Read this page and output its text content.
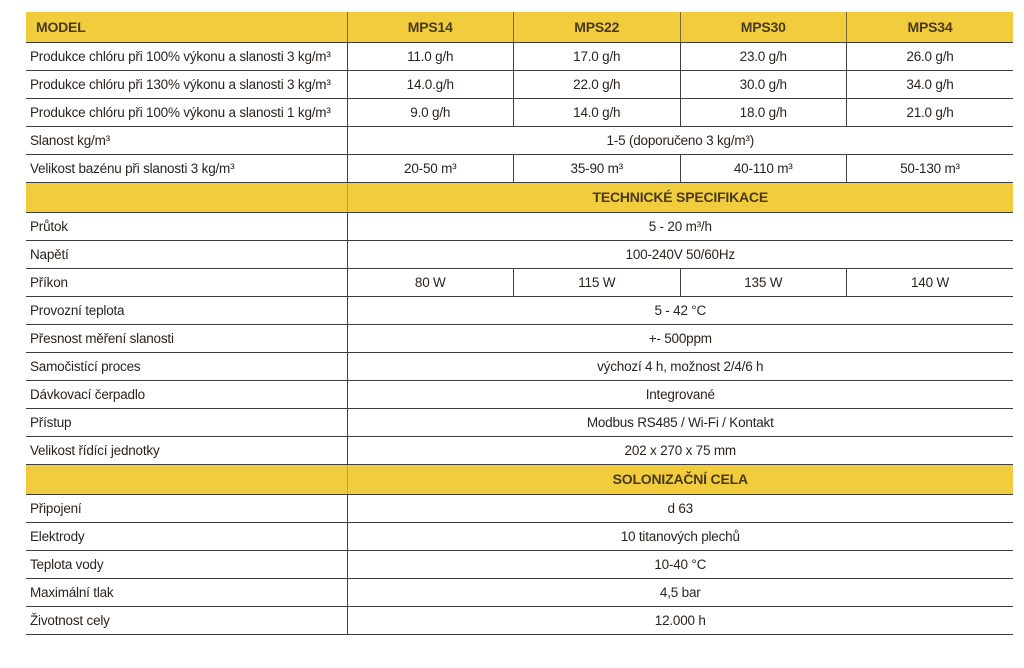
MODEL	MPS14	MPS22	MPS30	MPS34
Produkce chlóru při 100% výkonu a slanosti 3 kg/m³	11.0 g/h	17.0 g/h	23.0 g/h	26.0 g/h
Produkce chlóru při 130% výkonu a slanosti 3 kg/m³	14.0.g/h	22.0 g/h	30.0 g/h	34.0 g/h
Produkce chlóru při 100% výkonu a slanosti 1 kg/m³	9.0 g/h	14.0 g/h	18.0 g/h	21.0 g/h
Slanost kg/m³	1-5 (doporučeno 3 kg/m³)			
Velikost bazénu při slanosti 3 kg/m³	20-50 m³	35-90 m³	40-110 m³	50-130 m³
	TECHNICKÉ SPECIFIKACE			
Průtok	5 - 20 m³/h			
Napětí	100-240V 50/60Hz			
Příkon	80 W	115 W	135 W	140 W
Provozní teplota	5 - 42 °C			
Přesnost měření slanosti	+- 500ppm			
Samočistící proces	výchozí 4 h, možnost 2/4/6 h			
Dávkovací čerpadlo	Integrované			
Přístup	Modbus RS485 / Wi-Fi / Kontakt			
Velikost řídící jednotky	202 x 270 x 75 mm			
	SOLONIZAČNÍ CELA			
Připojení	d 63			
Elektrody	10 titanových plechů			
Teplota vody	10-40 °C			
Maximální tlak	4,5 bar			
Životnost cely	12.000 h			
